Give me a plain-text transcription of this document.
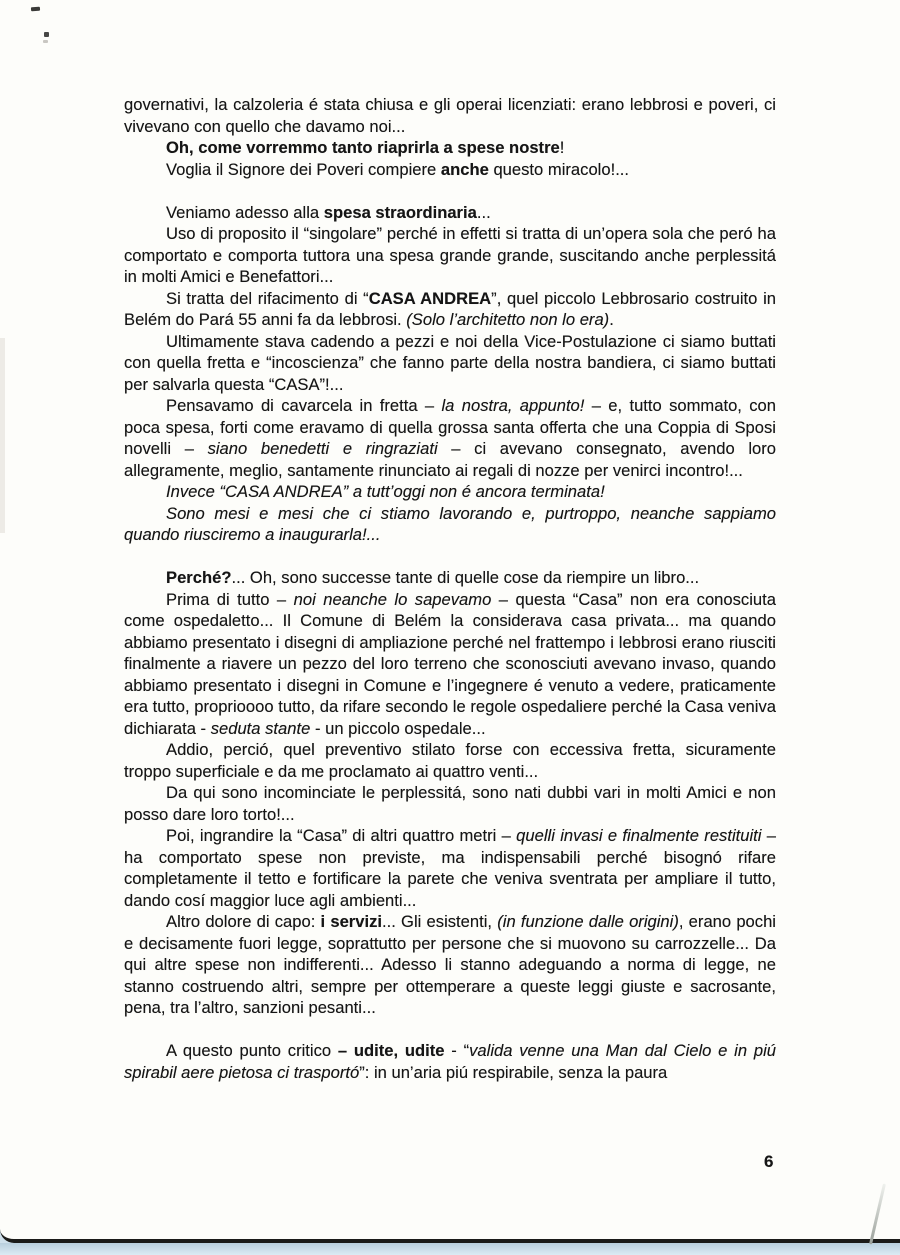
governativi, la calzoleria é stata chiusa e gli operai licenziati: erano lebbrosi e poveri, ci vivevano con quello che davamo noi...

Oh, come vorremmo tanto riaprirla a spese nostre!

Voglia il Signore dei Poveri compiere anche questo miracolo!...

Veniamo adesso alla spesa straordinaria...

Uso di proposito il “singolare” perché in effetti si tratta di un’opera sola che peró ha comportato e comporta tuttora una spesa grande grande, suscitando anche perplessitá in molti Amici e Benefattori...

Si tratta del rifacimento di “CASA ANDREA”, quel piccolo Lebbrosario costruito in Belém do Pará 55 anni fa da lebbrosi. (Solo l’architetto non lo era).

Ultimamente stava cadendo a pezzi e noi della Vice-Postulazione ci siamo buttati con quella fretta e “incoscienza” che fanno parte della nostra bandiera, ci siamo buttati per salvarla questa “CASA”!...

Pensavamo di cavarcela in fretta – la nostra, appunto! – e, tutto sommato, con poca spesa, forti come eravamo di quella grossa santa offerta che una Coppia di Sposi novelli – siano benedetti e ringraziati – ci avevano consegnato, avendo loro allegramente, meglio, santamente rinunciato ai regali di nozze per venirci incontro!...

Invece “CASA ANDREA” a tutt’oggi non é ancora terminata!

Sono mesi e mesi che ci stiamo lavorando e, purtroppo, neanche sappiamo quando riusciremo a inaugurarla!...

Perché?... Oh, sono successe tante di quelle cose da riempire un libro...

Prima di tutto – noi neanche lo sapevamo – questa “Casa” non era conosciuta come ospedaletto... Il Comune di Belém la considerava casa privata... ma quando abbiamo presentato i disegni di ampliazione perché nel frattempo i lebbrosi erano riusciti finalmente a riavere un pezzo del loro terreno che sconosciuti avevano invaso, quando abbiamo presentato i disegni in Comune e l’ingegnere é venuto a vedere, praticamente era tutto, proprioooo tutto, da rifare secondo le regole ospedaliere perché la Casa veniva dichiarata - seduta stante - un piccolo ospedale...

Addio, perció, quel preventivo stilato forse con eccessiva fretta, sicuramente troppo superficiale e da me proclamato ai quattro venti...

Da qui sono incominciate le perplessitá, sono nati dubbi vari in molti Amici e non posso dare loro torto!...

Poi, ingrandire la “Casa” di altri quattro metri – quelli invasi e finalmente restituiti – ha comportato spese non previste, ma indispensabili perché bisognó rifare completamente il tetto e fortificare la parete che veniva sventrata per ampliare il tutto, dando cosí maggior luce agli ambienti...

Altro dolore di capo: i servizi... Gli esistenti, (in funzione dalle origini), erano pochi e decisamente fuori legge, soprattutto per persone che si muovono su carrozzelle... Da qui altre spese non indifferenti... Adesso li stanno adeguando a norma di legge, ne stanno costruendo altri, sempre per ottemperare a queste leggi giuste e sacrosante, pena, tra l’altro, sanzioni pesanti...

A questo punto critico – udite, udite - “valida venne una Man dal Cielo e in piú spirabil aere pietosa ci trasportó”: in un’aria piú respirabile, senza la paura

6
